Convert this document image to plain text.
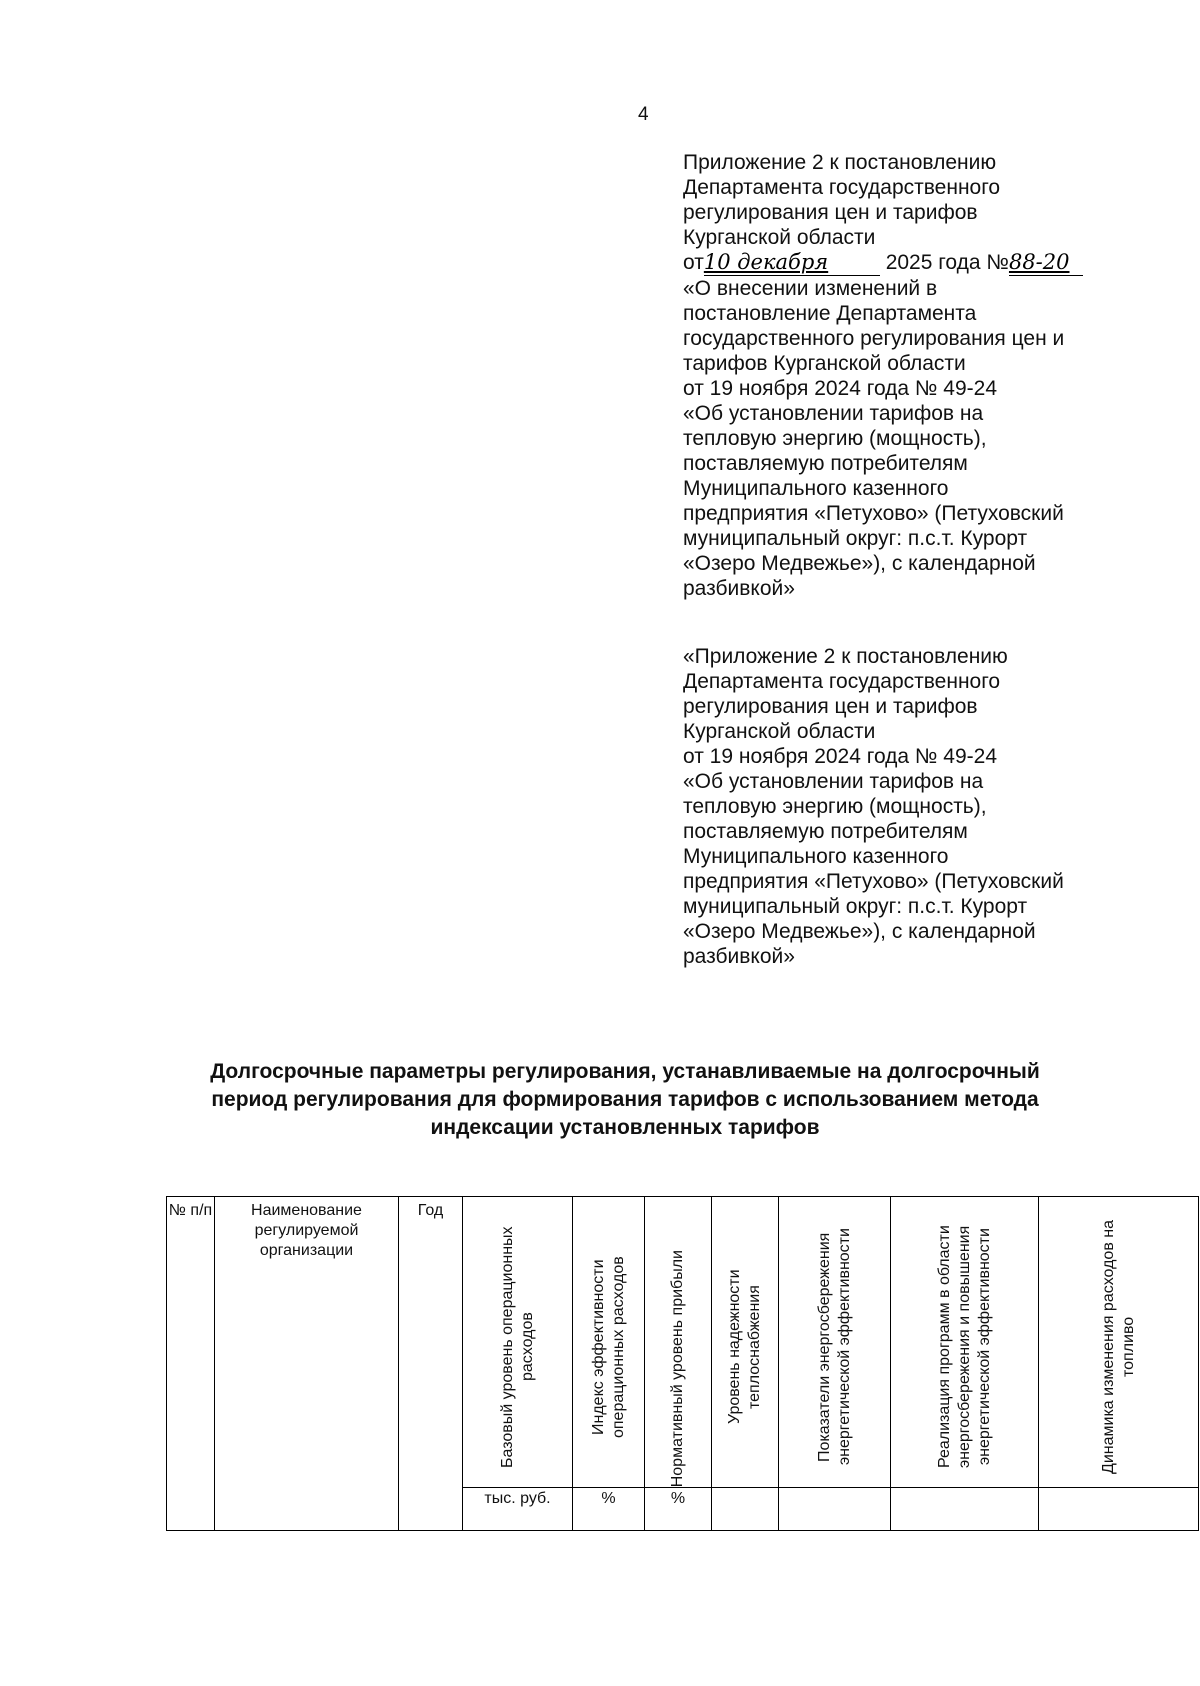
4
Приложение 2 к постановлению
Департамента государственного
регулирования цен и тарифов
Курганской области
от10 декабря	2025 года №88-20
«О внесении изменений в
постановление Департамента
государственного регулирования цен и
тарифов Курганской области
от 19 ноября 2024 года № 49-24
«Об установлении тарифов на
тепловую энергию (мощность),
поставляемую потребителям
Муниципального казенного
предприятия «Петухово» (Петуховский
муниципальный округ: п.с.т. Курорт
«Озеро Медвежье»), с календарной
разбивкой»
«Приложение 2 к постановлению
Департамента государственного
регулирования цен и тарифов
Курганской области
от 19 ноября 2024 года № 49-24
«Об установлении тарифов на
тепловую энергию (мощность),
поставляемую потребителям
Муниципального казенного
предприятия «Петухово» (Петуховский
муниципальный округ: п.с.т. Курорт
«Озеро Медвежье»), с календарной
разбивкой»
Долгосрочные параметры регулирования, устанавливаемые на долгосрочный
период регулирования для формирования тарифов с использованием метода
индексации установленных тарифов
№ п/п	Наименование регулируемой организации	Год	Базовый уровень операционных расходов	Индекс эффективности операционных расходов	Нормативный уровень прибыли	Уровень надежности теплоснабжения	Показатели энергосбережения энергетической эффективности	Реализация программ в области энергосбережения и повышения энергетической эффективности	Динамика изменения расходов на топливо

			тыс. руб.	%	%				
